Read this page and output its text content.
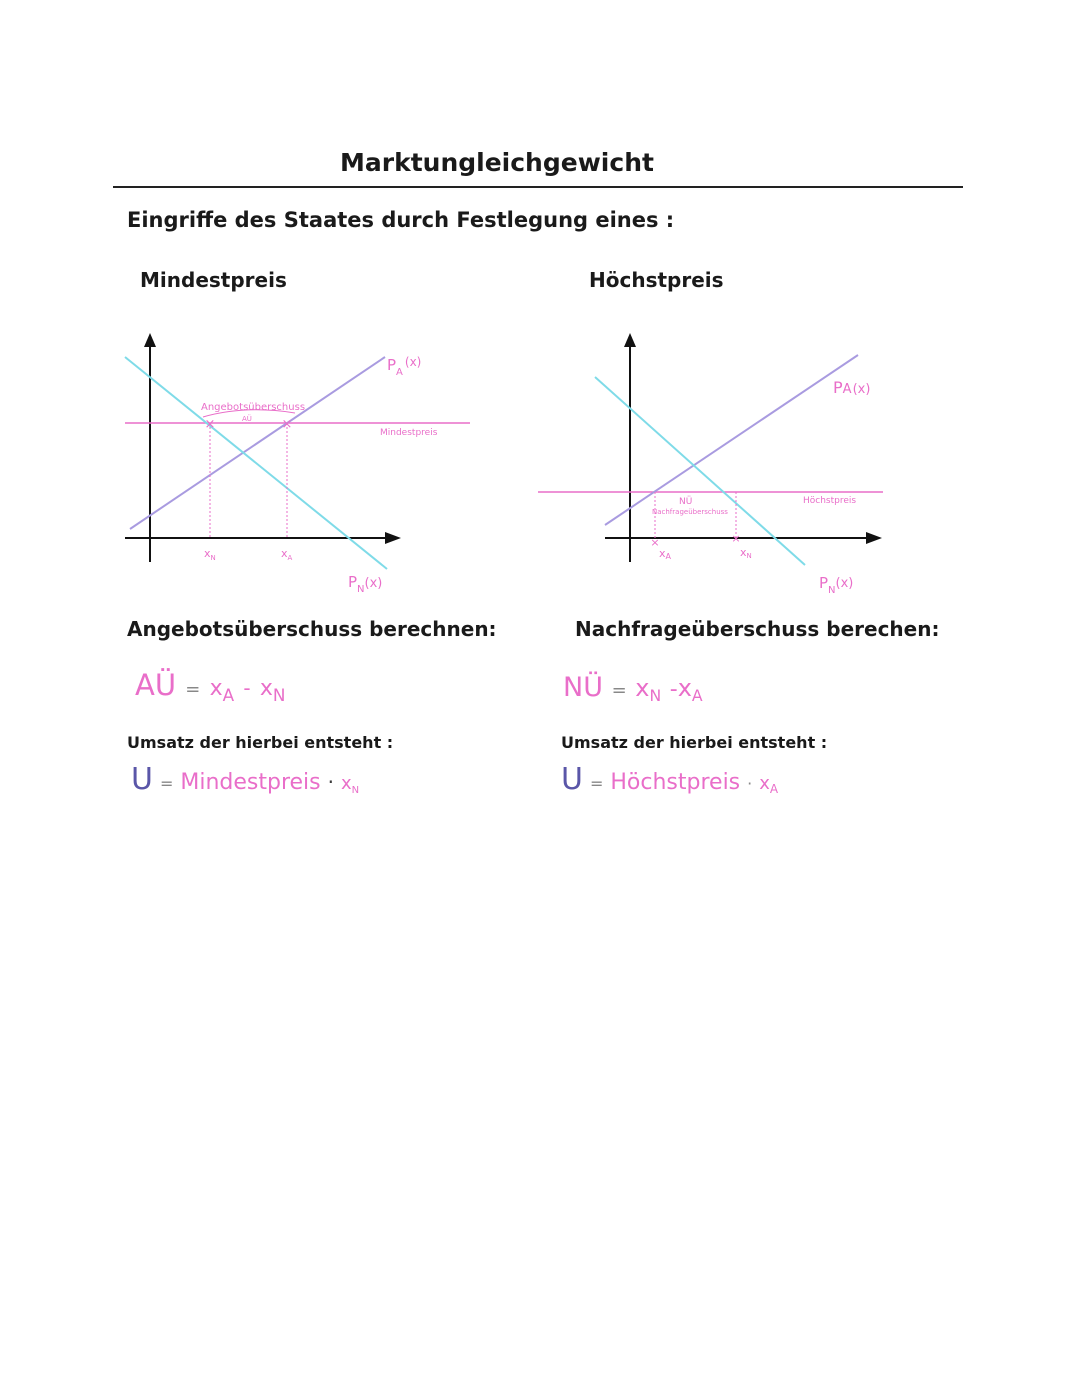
Marktungleichgewicht
Eingriffe des Staates durch Festlegung eines :
Mindestpreis	Höchstpreis
×	×
Angebotsüberschuss
AÜ
Mindestpreis
$P_A^{(x)}$
$P_N(x)$
$x_N$	$x_A$
×	×
NÜ
Nachfrageüberschuss
Höchstpreis
PA(x)
$P_N(x)$
xA	xN
Angebotsüberschuss berechnen:	Nachfrageüberschuss berechen:
AÜ = $x_A - x_N$	NÜ = $x_N$ $-x_A$
Umsatz der hierbei entsteht :	Umsatz der hierbei entsteht :
U = Mindestpreis · xN	U = Höchstpreis · xA
